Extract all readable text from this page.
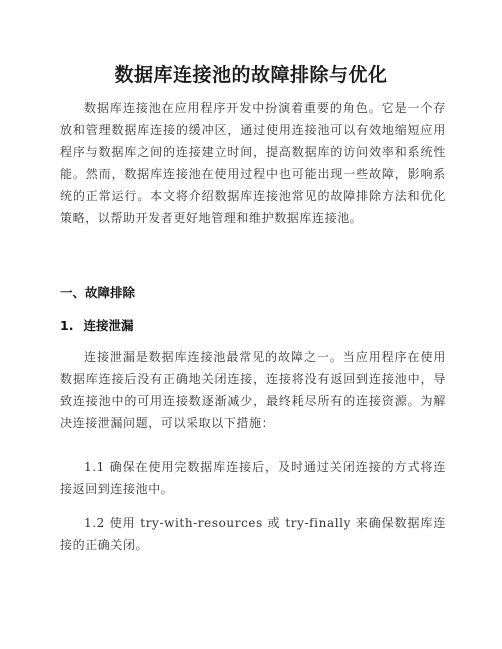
数据库连接池的故障排除与优化

数据库连接池在应用程序开发中扮演着重要的角色。它是一个存放和管理数据库连接的缓冲区，通过使用连接池可以有效地缩短应用程序与数据库之间的连接建立时间，提高数据库的访问效率和系统性能。然而，数据库连接池在使用过程中也可能出现一些故障，影响系统的正常运行。本文将介绍数据库连接池常见的故障排除方法和优化策略，以帮助开发者更好地管理和维护数据库连接池。

一、故障排除
1. 连接泄漏

连接泄漏是数据库连接池最常见的故障之一。当应用程序在使用数据库连接后没有正确地关闭连接，连接将没有返回到连接池中，导致连接池中的可用连接数逐渐减少，最终耗尽所有的连接资源。为解决连接泄漏问题，可以采取以下措施：

1.1 确保在使用完数据库连接后，及时通过关闭连接的方式将连接返回到连接池中。

1.2 使用 try-with-resources 或 try-finally 来确保数据库连接的正确关闭。
